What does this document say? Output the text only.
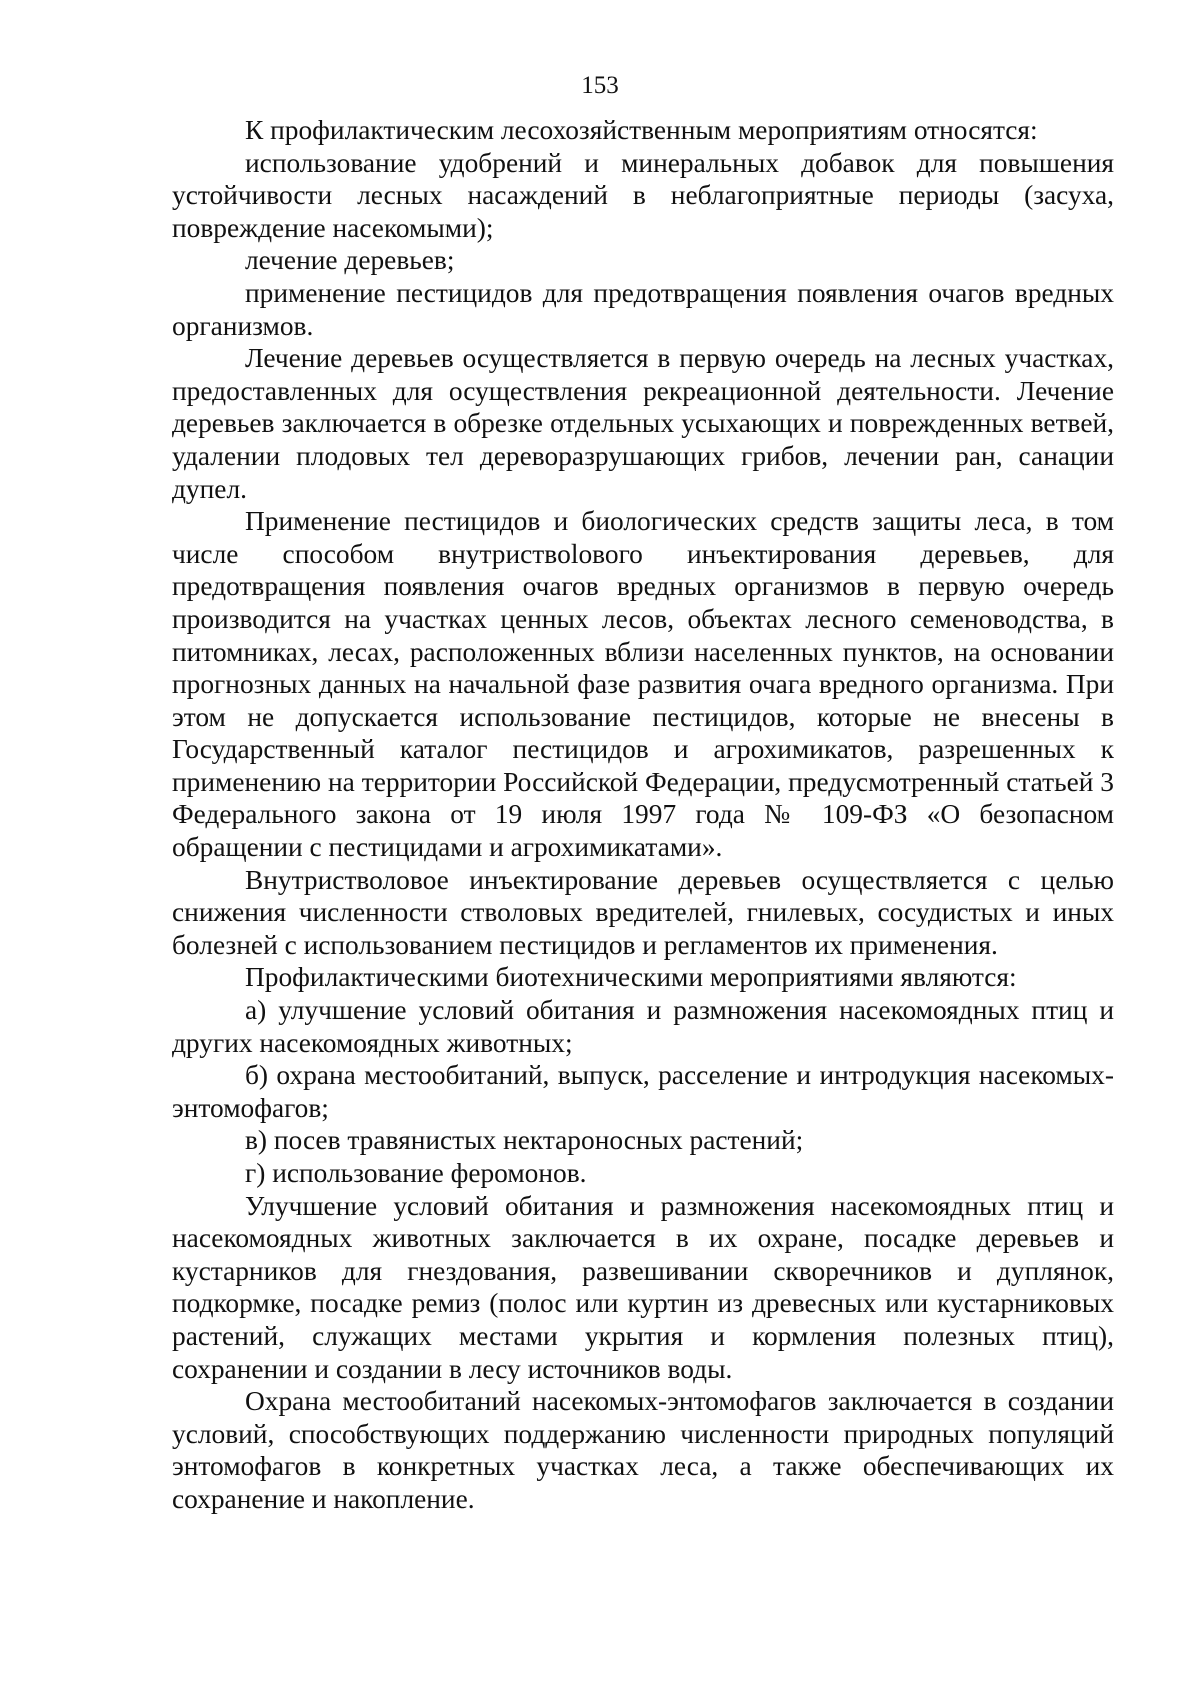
153

К профилактическим лесохозяйственным мероприятиям относятся:

использование удобрений и минеральных добавок для повышения устойчивости лесных насаждений в неблагоприятные периоды (засуха, повреждение насекомыми);

лечение деревьев;

применение пестицидов для предотвращения появления очагов вредных организмов.

Лечение деревьев осуществляется в первую очередь на лесных участках, предоставленных для осуществления рекреационной деятельности. Лечение деревьев заключается в обрезке отдельных усыхающих и поврежденных ветвей, удалении плодовых тел дереворазрушающих грибов, лечении ран, санации дупел.

Применение пестицидов и биологических средств защиты леса, в том числе способом внутриствolового инъектирования деревьев, для предотвращения появления очагов вредных организмов в первую очередь производится на участках ценных лесов, объектах лесного семеноводства, в питомниках, лесах, расположенных вблизи населенных пунктов, на основании прогнозных данных на начальной фазе развития очага вредного организма. При этом не допускается использование пестицидов, которые не внесены в Государственный каталог пестицидов и агрохимикатов, разрешенных к применению на территории Российской Федерации, предусмотренный статьей 3 Федерального закона от 19 июля 1997 года № 109-ФЗ «О безопасном обращении с пестицидами и агрохимикатами».

Внутристволовое инъектирование деревьев осуществляется с целью снижения численности стволовых вредителей, гнилевых, сосудистых и иных болезней с использованием пестицидов и регламентов их применения.

Профилактическими биотехническими мероприятиями являются:

а) улучшение условий обитания и размножения насекомоядных птиц и других насекомоядных животных;

б) охрана местообитаний, выпуск, расселение и интродукция насекомых-энтомофагов;

в) посев травянистых нектароносных растений;

г) использование феромонов.

Улучшение условий обитания и размножения насекомоядных птиц и насекомоядных животных заключается в их охране, посадке деревьев и кустарников для гнездования, развешивании скворечников и дуплянок, подкормке, посадке ремиз (полос или куртин из древесных или кустарниковых растений, служащих местами укрытия и кормления полезных птиц), сохранении и создании в лесу источников воды.

Охрана местообитаний насекомых-энтомофагов заключается в создании условий, способствующих поддержанию численности природных популяций энтомофагов в конкретных участках леса, а также обеспечивающих их сохранение и накопление.
